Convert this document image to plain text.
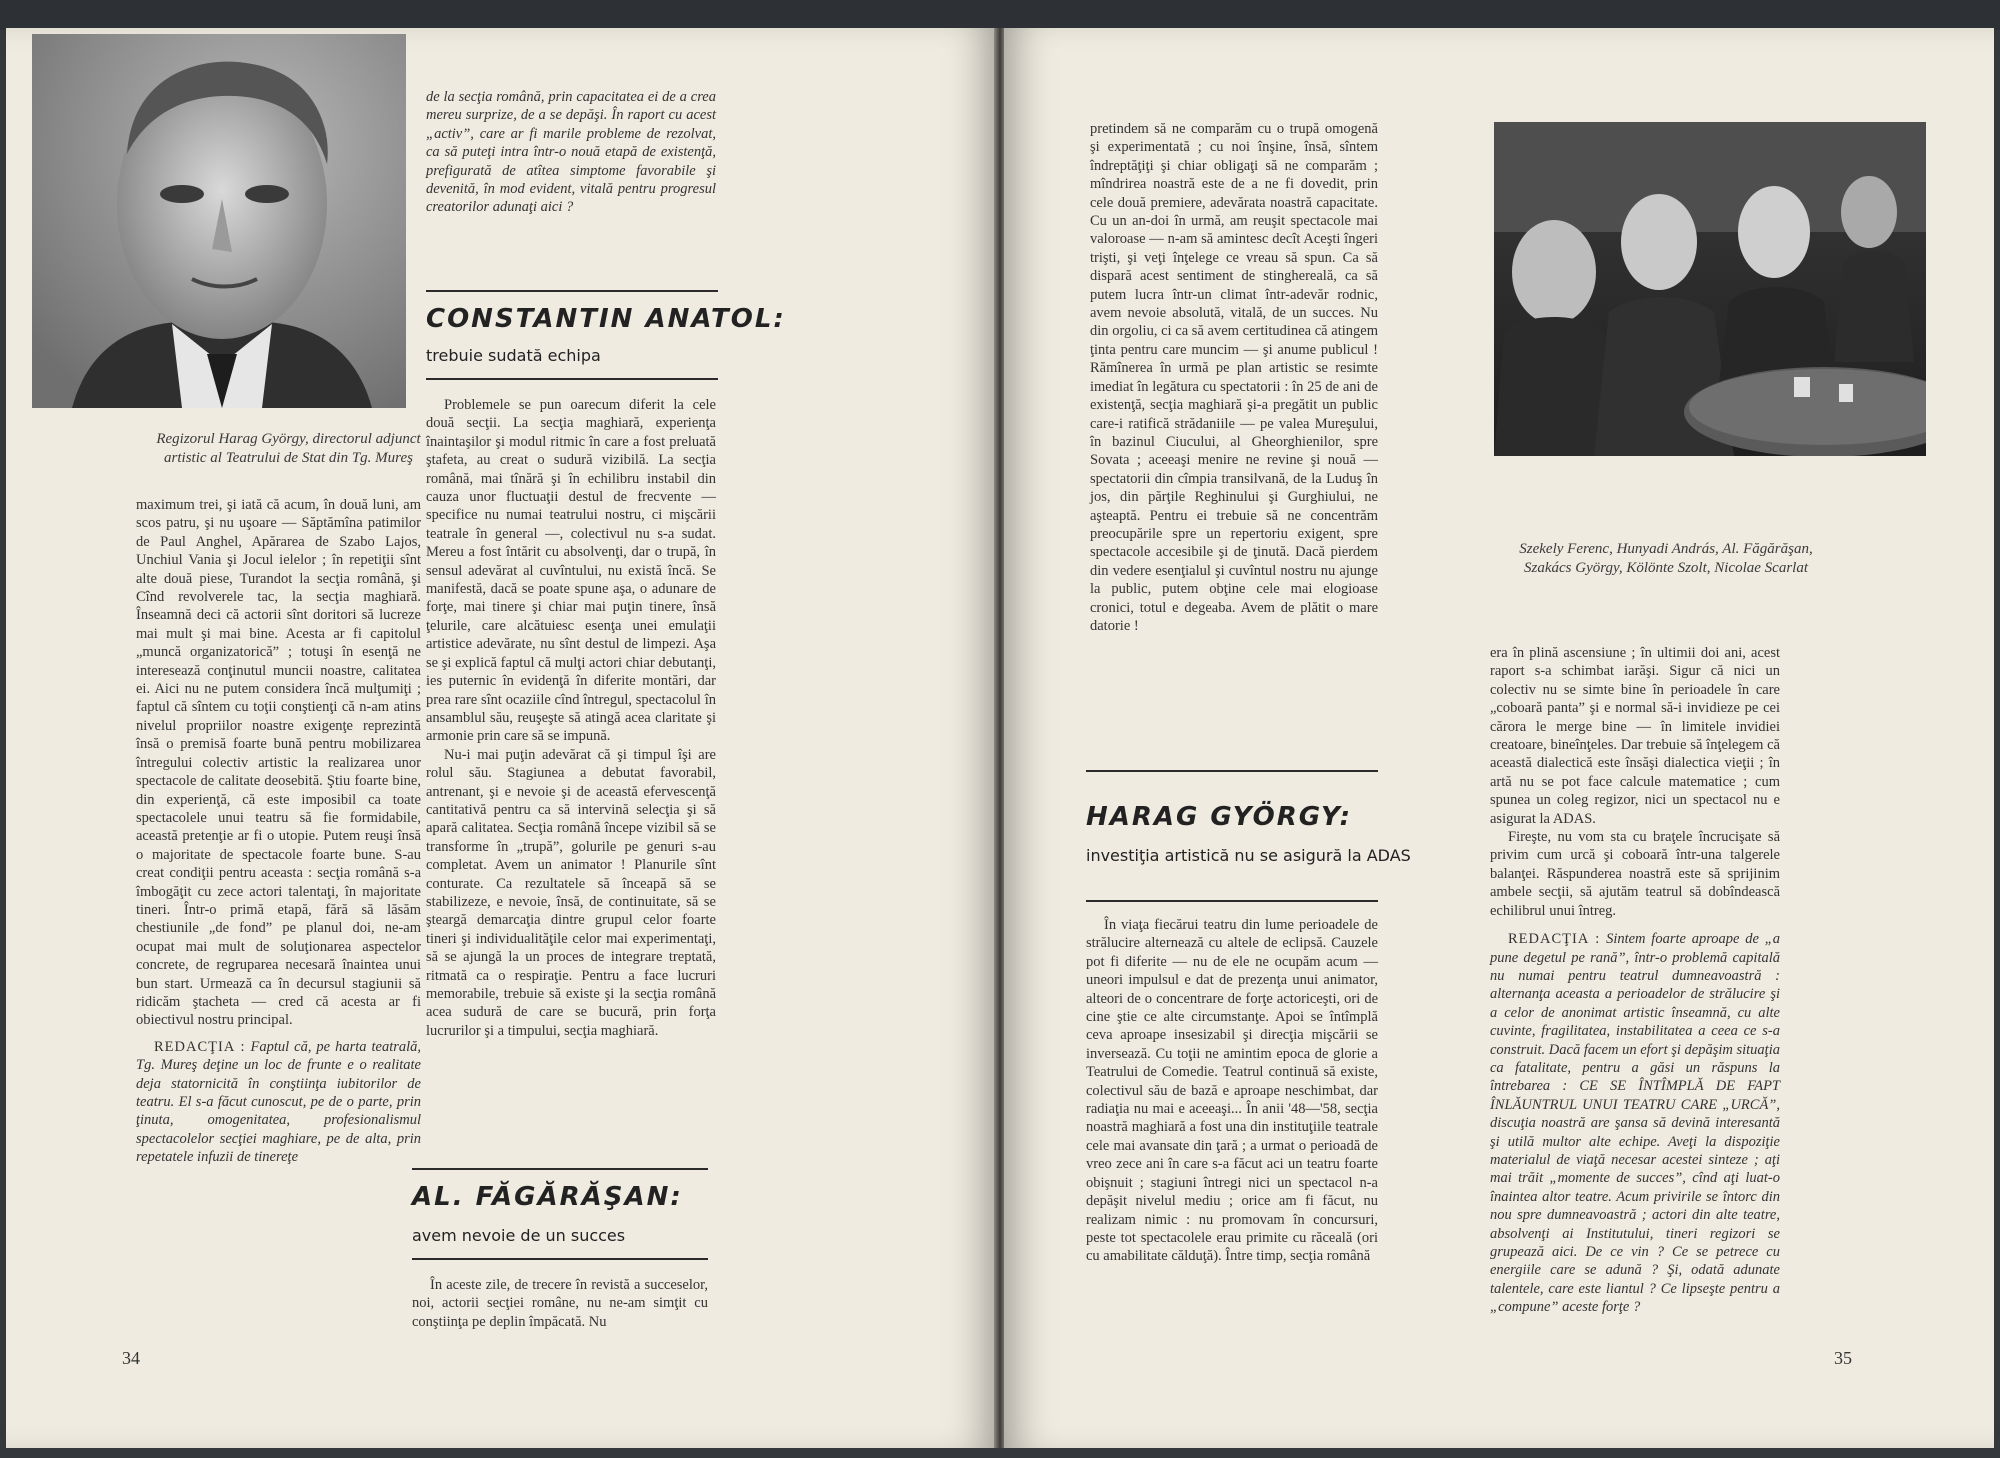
Regizorul Harag György, directorul adjunct artistic al Teatrului de Stat din Tg. Mureş

maximum trei, şi iată că acum, în două luni, am scos patru, şi nu uşoare — Săptămîna patimilor de Paul Anghel, Apărarea de Szabo Lajos, Unchiul Vania şi Jocul ielelor ; în repetiţii sînt alte două piese, Turandot la secţia română, şi Cînd revolverele tac, la secţia maghiară. Înseamnă deci că actorii sînt doritori să lucreze mai mult şi mai bine. Acesta ar fi capitolul „muncă organizatorică” ; totuşi în esenţă ne interesează conţinutul muncii noastre, calitatea ei. Aici nu ne putem considera încă mulţumiţi ; faptul că sîntem cu toţii conştienţi că n-am atins nivelul propriilor noastre exigenţe reprezintă însă o premisă foarte bună pentru mobilizarea întregului colectiv artistic la realizarea unor spectacole de calitate deosebită. Ştiu foarte bine, din experienţă, că este imposibil ca toate spectacolele unui teatru să fie formidabile, această pretenţie ar fi o utopie. Putem reuşi însă o majoritate de spectacole foarte bune. S-au creat condiţii pentru aceasta : secţia română s-a îmbogăţit cu zece actori talentaţi, în majoritate tineri. Într-o primă etapă, fără să lăsăm chestiunile „de fond” pe planul doi, ne-am ocupat mai mult de soluţionarea aspectelor concrete, de regruparea necesară înaintea unui bun start. Urmează ca în decursul stagiunii să ridicăm ştacheta — cred că acesta ar fi obiectivul nostru principal.

REDACŢIA : Faptul că, pe harta teatrală, Tg. Mureş deţine un loc de frunte e o realitate deja statornicită în conştiinţa iubitorilor de teatru. El s-a făcut cunoscut, pe de o parte, prin ţinuta, omogenitatea, profesionalismul spectacolelor secţiei maghiare, pe de alta, prin repetatele infuzii de tinereţe

34
de la secţia română, prin capacitatea ei de a crea mereu surprize, de a se depăşi. În raport cu acest „activ”, care ar fi marile probleme de rezolvat, ca să puteţi intra într-o nouă etapă de existenţă, prefigurată de atîtea simptome favorabile şi devenită, în mod evident, vitală pentru progresul creatorilor adunaţi aici ?
CONSTANTIN ANATOL:
trebuie sudată echipa

Problemele se pun oarecum diferit la cele două secţii. La secţia maghiară, experienţa înaintaşilor şi modul ritmic în care a fost preluată ştafeta, au creat o sudură vizibilă. La secţia română, mai tînără şi în echilibru instabil din cauza unor fluctuaţii destul de frecvente — specifice nu numai teatrului nostru, ci mişcării teatrale în general —, colectivul nu s-a sudat. Mereu a fost întărit cu absolvenţi, dar o trupă, în sensul adevărat al cuvîntului, nu există încă. Se manifestă, dacă se poate spune aşa, o adunare de forţe, mai tinere şi chiar mai puţin tinere, însă ţelurile, care alcătuiesc esenţa unei emulaţii artistice adevărate, nu sînt destul de limpezi. Aşa se şi explică faptul că mulţi actori chiar debutanţi, ies puternic în evidenţă în diferite montări, dar prea rare sînt ocaziile cînd întregul, spectacolul în ansamblul său, reuşeşte să atingă acea claritate şi armonie prin care să se impună.

Nu-i mai puţin adevărat că şi timpul îşi are rolul său. Stagiunea a debutat favorabil, antrenant, şi e nevoie şi de această efervescenţă cantitativă pentru ca să intervină selecţia şi să apară calitatea. Secţia română începe vizibil să se transforme în „trupă”, golurile pe genuri s-au completat. Avem un animator ! Planurile sînt conturate. Ca rezultatele să înceapă să se stabilizeze, e nevoie, însă, de continuitate, să se şteargă demarcaţia dintre grupul celor foarte tineri şi individualităţile celor mai experimentaţi, să se ajungă la un proces de integrare treptată, ritmată ca o respiraţie. Pentru a face lucruri memorabile, trebuie să existe şi la secţia română acea sudură de care se bucură, prin forţa lucrurilor şi a timpului, secţia maghiară.

AL. FĂGĂRĂŞAN:
avem nevoie de un succes

În aceste zile, de trecere în revistă a succeselor, noi, actorii secţiei române, nu ne-am simţit cu conştiinţa pe deplin împăcată. Nu

pretindem să ne comparăm cu o trupă omogenă şi experimentată ; cu noi înşine, însă, sîntem îndreptăţiţi şi chiar obligaţi să ne comparăm ; mîndrirea noastră este de a ne fi dovedit, prin cele două premiere, adevărata noastră capacitate. Cu un an-doi în urmă, am reuşit spectacole mai valoroase — n-am să amintesc decît Aceşti îngeri trişti, şi veţi înţelege ce vreau să spun. Ca să dispară acest sentiment de stinghereală, ca să putem lucra într-un climat într-adevăr rodnic, avem nevoie absolută, vitală, de un succes. Nu din orgoliu, ci ca să avem certitudinea că atingem ţinta pentru care muncim — şi anume publicul ! Rămînerea în urmă pe plan artistic se resimte imediat în legătura cu spectatorii : în 25 de ani de existenţă, secţia maghiară şi-a pregătit un public care-i ratifică strădaniile — pe valea Mureşului, în bazinul Ciucului, al Gheorghienilor, spre Sovata ; aceeaşi menire ne revine şi nouă — spectatorii din cîmpia transilvană, de la Luduş în jos, din părţile Reghinului şi Gurghiului, ne aşteaptă. Pentru ei trebuie să ne concentrăm preocupările spre un repertoriu exigent, spre spectacole accesibile şi de ţinută. Dacă pierdem din vedere esenţialul şi cuvîntul nostru nu ajunge la public, putem obţine cele mai elogioase cronici, totul e degeaba. Avem de plătit o mare datorie !

HARAG GYÖRGY:
investiţia artistică nu se asigură la ADAS

În viaţa fiecărui teatru din lume perioadele de strălucire alternează cu altele de eclipsă. Cauzele pot fi diferite — nu de ele ne ocupăm acum — uneori impulsul e dat de prezenţa unui animator, alteori de o concentrare de forţe actoriceşti, ori de cine ştie ce alte circumstanţe. Apoi se întîmplă ceva aproape insesizabil şi direcţia mişcării se inversează. Cu toţii ne amintim epoca de glorie a Teatrului de Comedie. Teatrul continuă să existe, colectivul său de bază e aproape neschimbat, dar radiaţia nu mai e aceeaşi... În anii '48—'58, secţia noastră maghiară a fost una din instituţiile teatrale cele mai avansate din ţară ; a urmat o perioadă de vreo zece ani în care s-a făcut aci un teatru foarte obişnuit ; stagiuni întregi nici un spectacol n-a depăşit nivelul mediu ; orice am fi făcut, nu realizam nimic : nu promovam în concursuri, peste tot spectacolele erau primite cu răceală (ori cu amabilitate călduţă). Între timp, secţia română

Szekely Ferenc, Hunyadi András, Al. Făgărăşan, Szakács György, Kölönte Szolt, Nicolae Scarlat

era în plină ascensiune ; în ultimii doi ani, acest raport s-a schimbat iarăşi. Sigur că nici un colectiv nu se simte bine în perioadele în care „coboară panta” şi e normal să-i invidieze pe cei cărora le merge bine — în limitele invidiei creatoare, bineînţeles. Dar trebuie să înţelegem că această dialectică este însăşi dialectica vieţii ; în artă nu se pot face calcule matematice ; cum spunea un coleg regizor, nici un spectacol nu e asigurat la ADAS.

Fireşte, nu vom sta cu braţele încrucişate să privim cum urcă şi coboară într-una talgerele balanţei. Răspunderea noastră este să sprijinim ambele secţii, să ajutăm teatrul să dobîndească echilibrul unui întreg.

REDACŢIA : Sintem foarte aproape de „a pune degetul pe rană”, într-o problemă capitală nu numai pentru teatrul dumneavoastră : alternanţa aceasta a perioadelor de strălucire şi a celor de anonimat artistic înseamnă, cu alte cuvinte, fragilitatea, instabilitatea a ceea ce s-a construit. Dacă facem un efort şi depăşim situaţia ca fatalitate, pentru a găsi un răspuns la întrebarea : CE SE ÎNTÎMPLĂ DE FAPT ÎNLĂUNTRUL UNUI TEATRU CARE „URCĂ”, discuţia noastră are şansa să devină interesantă şi utilă multor alte echipe. Aveţi la dispoziţie materialul de viaţă necesar acestei sinteze ; aţi mai trăit „momente de succes”, cînd aţi luat-o înaintea altor teatre. Acum privirile se întorc din nou spre dumneavoastră ; actori din alte teatre, absolvenţi ai Institutului, tineri regizori se grupează aici. De ce vin ? Ce se petrece cu energiile care se adună ? Şi, odată adunate talentele, care este liantul ? Ce lipseşte pentru a „compune” aceste forţe ?

35
